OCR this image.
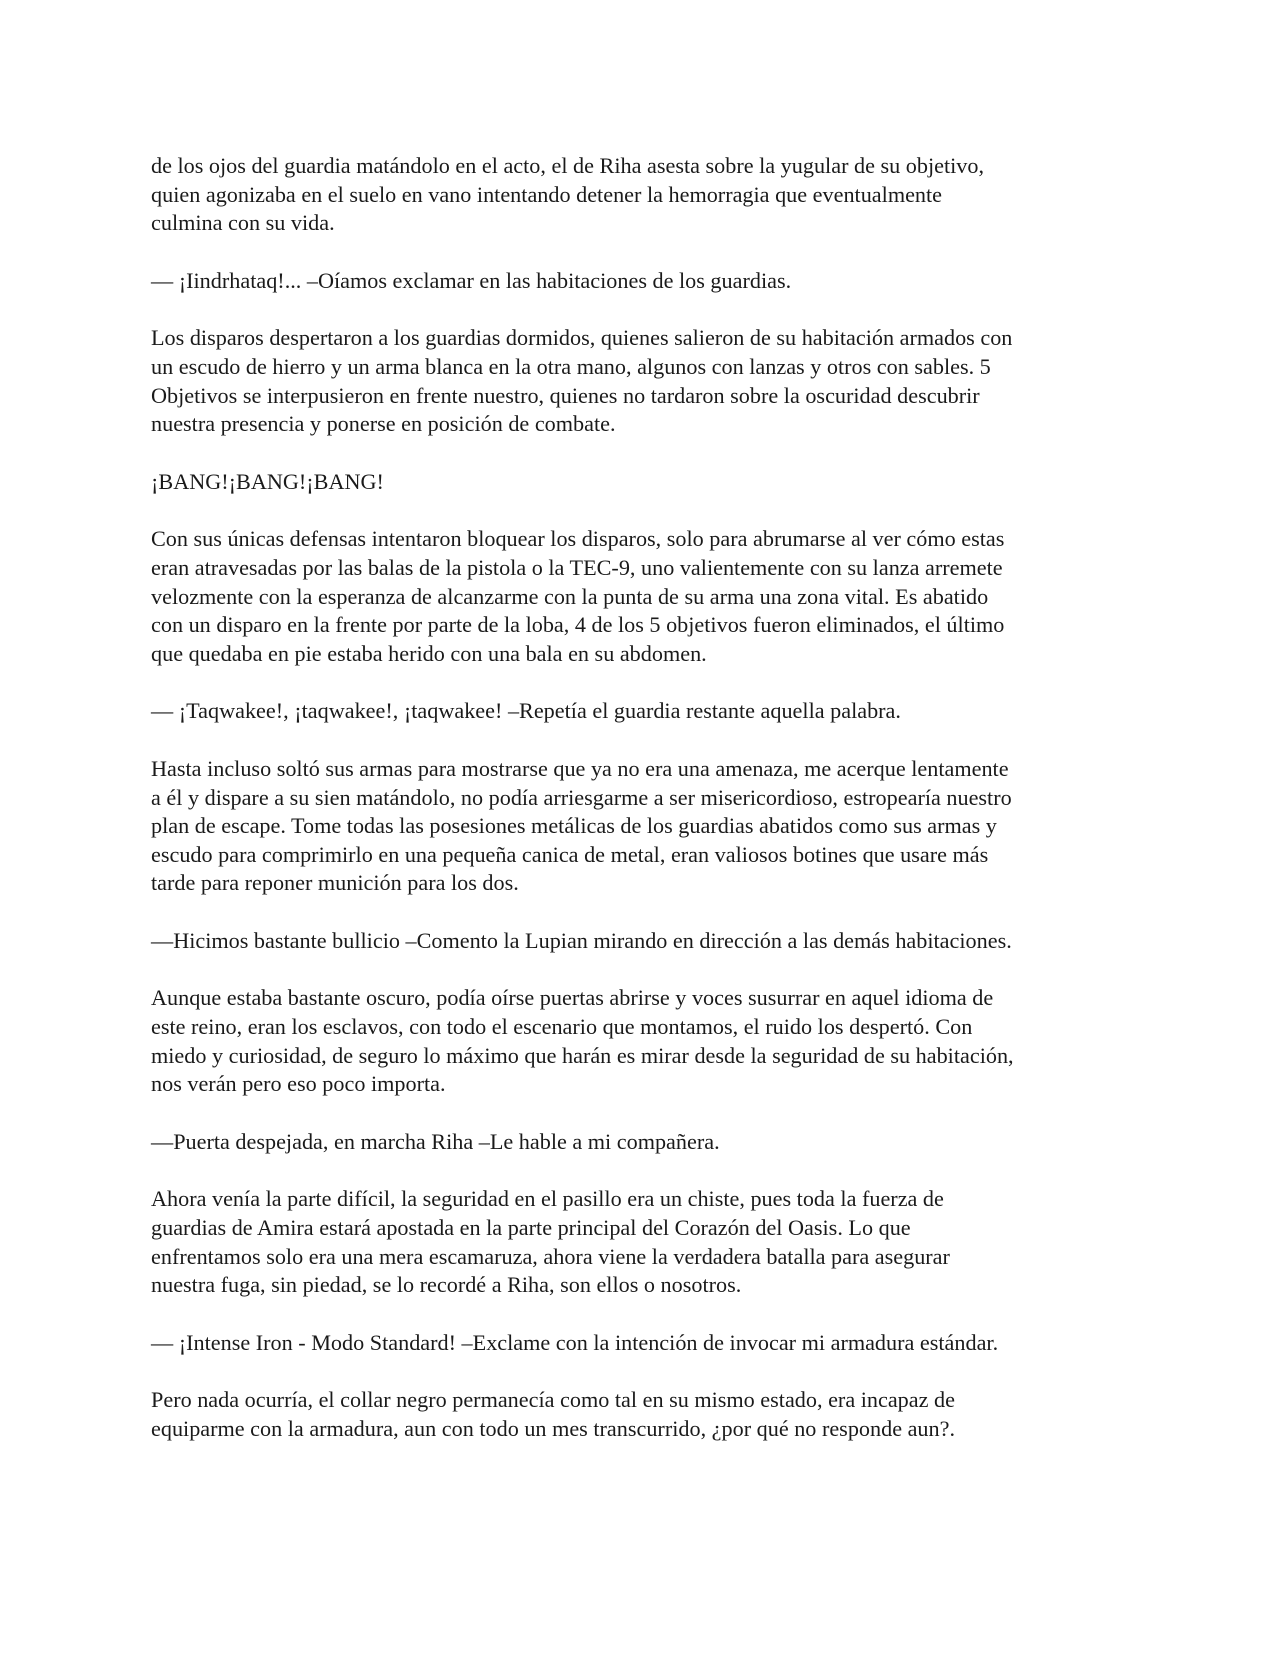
de los ojos del guardia matándolo en el acto, el de Riha asesta sobre la yugular de su objetivo,
quien agonizaba en el suelo en vano intentando detener la hemorragia que eventualmente
culmina con su vida.

— ¡Iindrhataq!... –Oíamos exclamar en las habitaciones de los guardias.

Los disparos despertaron a los guardias dormidos, quienes salieron de su habitación armados con
un escudo de hierro y un arma blanca en la otra mano, algunos con lanzas y otros con sables. 5
Objetivos se interpusieron en frente nuestro, quienes no tardaron sobre la oscuridad descubrir
nuestra presencia y ponerse en posición de combate.

¡BANG!¡BANG!¡BANG!

Con sus únicas defensas intentaron bloquear los disparos, solo para abrumarse al ver cómo estas
eran atravesadas por las balas de la pistola o la TEC-9, uno valientemente con su lanza arremete
velozmente con la esperanza de alcanzarme con la punta de su arma una zona vital. Es abatido
con un disparo en la frente por parte de la loba, 4 de los 5 objetivos fueron eliminados, el último
que quedaba en pie estaba herido con una bala en su abdomen.

— ¡Taqwakee!, ¡taqwakee!, ¡taqwakee! –Repetía el guardia restante aquella palabra.

Hasta incluso soltó sus armas para mostrarse que ya no era una amenaza, me acerque lentamente
a él y dispare a su sien matándolo, no podía arriesgarme a ser misericordioso, estropearía nuestro
plan de escape. Tome todas las posesiones metálicas de los guardias abatidos como sus armas y
escudo para comprimirlo en una pequeña canica de metal, eran valiosos botines que usare más
tarde para reponer munición para los dos.

—Hicimos bastante bullicio –Comento la Lupian mirando en dirección a las demás habitaciones.

Aunque estaba bastante oscuro, podía oírse puertas abrirse y voces susurrar en aquel idioma de
este reino, eran los esclavos, con todo el escenario que montamos, el ruido los despertó. Con
miedo y curiosidad, de seguro lo máximo que harán es mirar desde la seguridad de su habitación,
nos verán pero eso poco importa.

—Puerta despejada, en marcha Riha –Le hable a mi compañera.

Ahora venía la parte difícil, la seguridad en el pasillo era un chiste, pues toda la fuerza de
guardias de Amira estará apostada en la parte principal del Corazón del Oasis. Lo que
enfrentamos solo era una mera escamaruza, ahora viene la verdadera batalla para asegurar
nuestra fuga, sin piedad, se lo recordé a Riha, son ellos o nosotros.

— ¡Intense Iron - Modo Standard! –Exclame con la intención de invocar mi armadura estándar.

Pero nada ocurría, el collar negro permanecía como tal en su mismo estado, era incapaz de
equiparme con la armadura, aun con todo un mes transcurrido, ¿por qué no responde aun?.
